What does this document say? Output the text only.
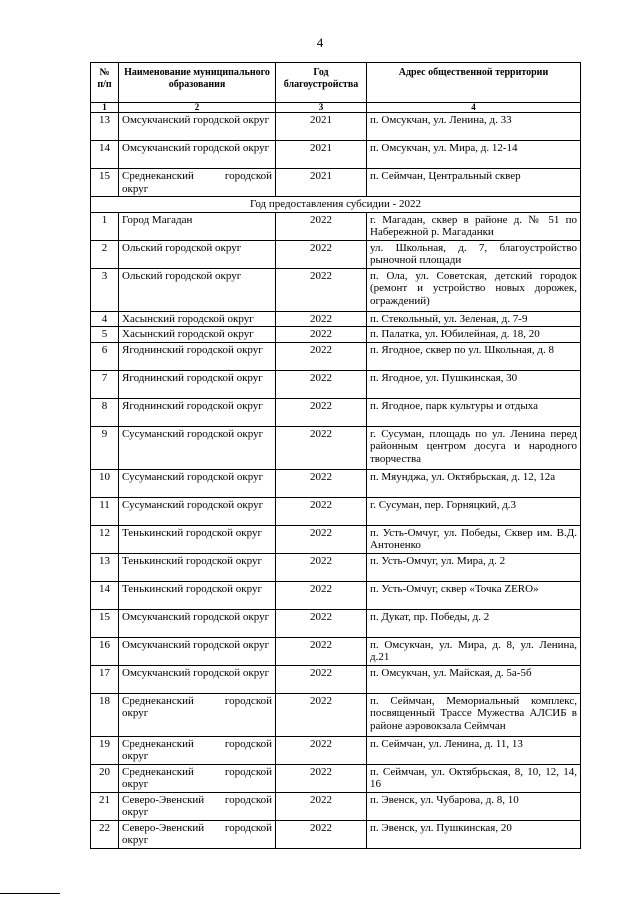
4
№ п/п	Наименование муниципального образования	Год благоустройства	Адрес общественной территории
1	2	3	4
13	Омсукчанский городской округ	2021	п. Омсукчан, ул. Ленина, д. 33
14	Омсукчанский городской округ	2021	п. Омсукчан, ул. Мира, д. 12-14
15	Среднеканский городской округ	2021	п. Сеймчан, Центральный сквер
Год предоставления субсидии - 2022			
1	Город Магадан	2022	г. Магадан, сквер в районе д. № 51 по Набережной р. Магаданки
2	Ольский городской округ	2022	ул. Школьная, д. 7, благоустройство рыночной площади
3	Ольский городской округ	2022	п. Ола, ул. Советская, детский городок (ремонт и устройство новых дорожек, ограждений)
4	Хасынский городской округ	2022	п. Стекольный, ул. Зеленая, д. 7-9
5	Хасынский городской округ	2022	п. Палатка, ул. Юбилейная, д. 18, 20
6	Ягоднинский городской округ	2022	п. Ягодное, сквер по ул. Школьная, д. 8
7	Ягоднинский городской округ	2022	п. Ягодное, ул. Пушкинская, 30
8	Ягоднинский городской округ	2022	п. Ягодное, парк культуры и отдыха
9	Сусуманский городской округ	2022	г. Сусуман, площадь по ул. Ленина перед районным центром досуга и народного творчества
10	Сусуманский городской округ	2022	п. Мяунджа, ул. Октябрьская, д. 12, 12а
11	Сусуманский городской округ	2022	г. Сусуман, пер. Горняцкий, д.3
12	Тенькинский городской округ	2022	п. Усть-Омчуг, ул. Победы, Сквер им. В.Д. Антоненко
13	Тенькинский городской округ	2022	п. Усть-Омчуг, ул. Мира, д. 2
14	Тенькинский городской округ	2022	п. Усть-Омчуг, сквер «Точка ZERO»
15	Омсукчанский городской округ	2022	п. Дукат, пр. Победы, д. 2
16	Омсукчанский городской округ	2022	п. Омсукчан, ул. Мира, д. 8, ул. Ленина, д.21
17	Омсукчанский городской округ	2022	п. Омсукчан, ул. Майская, д. 5а-5б
18	Среднеканский городской округ	2022	п. Сеймчан, Мемориальный комплекс, посвященный Трассе Мужества АЛСИБ в районе аэровокзала Сеймчан
19	Среднеканский городской округ	2022	п. Сеймчан, ул. Ленина, д. 11, 13
20	Среднеканский городской округ	2022	п. Сеймчан, ул. Октябрьская, 8, 10, 12, 14, 16
21	Северо-Эвенский городской округ	2022	п. Эвенск, ул. Чубарова, д. 8, 10
22	Северо-Эвенский городской округ	2022	п. Эвенск, ул. Пушкинская, 20
